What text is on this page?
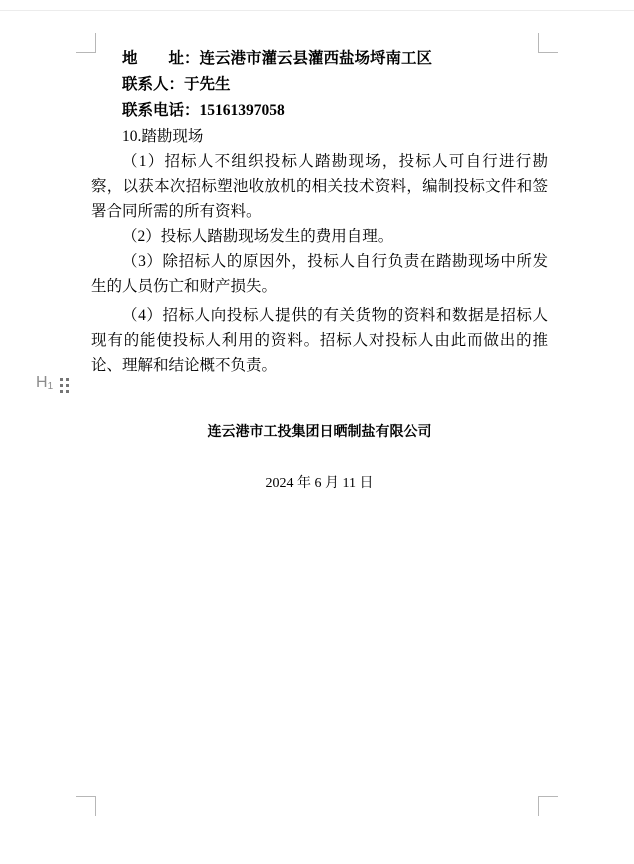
地　　址：连云港市灌云县灌西盐场埒南工区

联系人：于先生

联系电话：15161397058

10.踏勘现场

（1）招标人不组织投标人踏勘现场，投标人可自行进行勘察，以获本次招标塑池收放机的相关技术资料，编制投标文件和签署合同所需的所有资料。

（2）投标人踏勘现场发生的费用自理。

（3）除招标人的原因外，投标人自行负责在踏勘现场中所发生的人员伤亡和财产损失。

（4）招标人向投标人提供的有关货物的资料和数据是招标人现有的能使投标人利用的资料。招标人对投标人由此而做出的推论、理解和结论概不负责。

$H_1$
连云港市工投集团日晒制盐有限公司
2024 年 6 月 11 日
